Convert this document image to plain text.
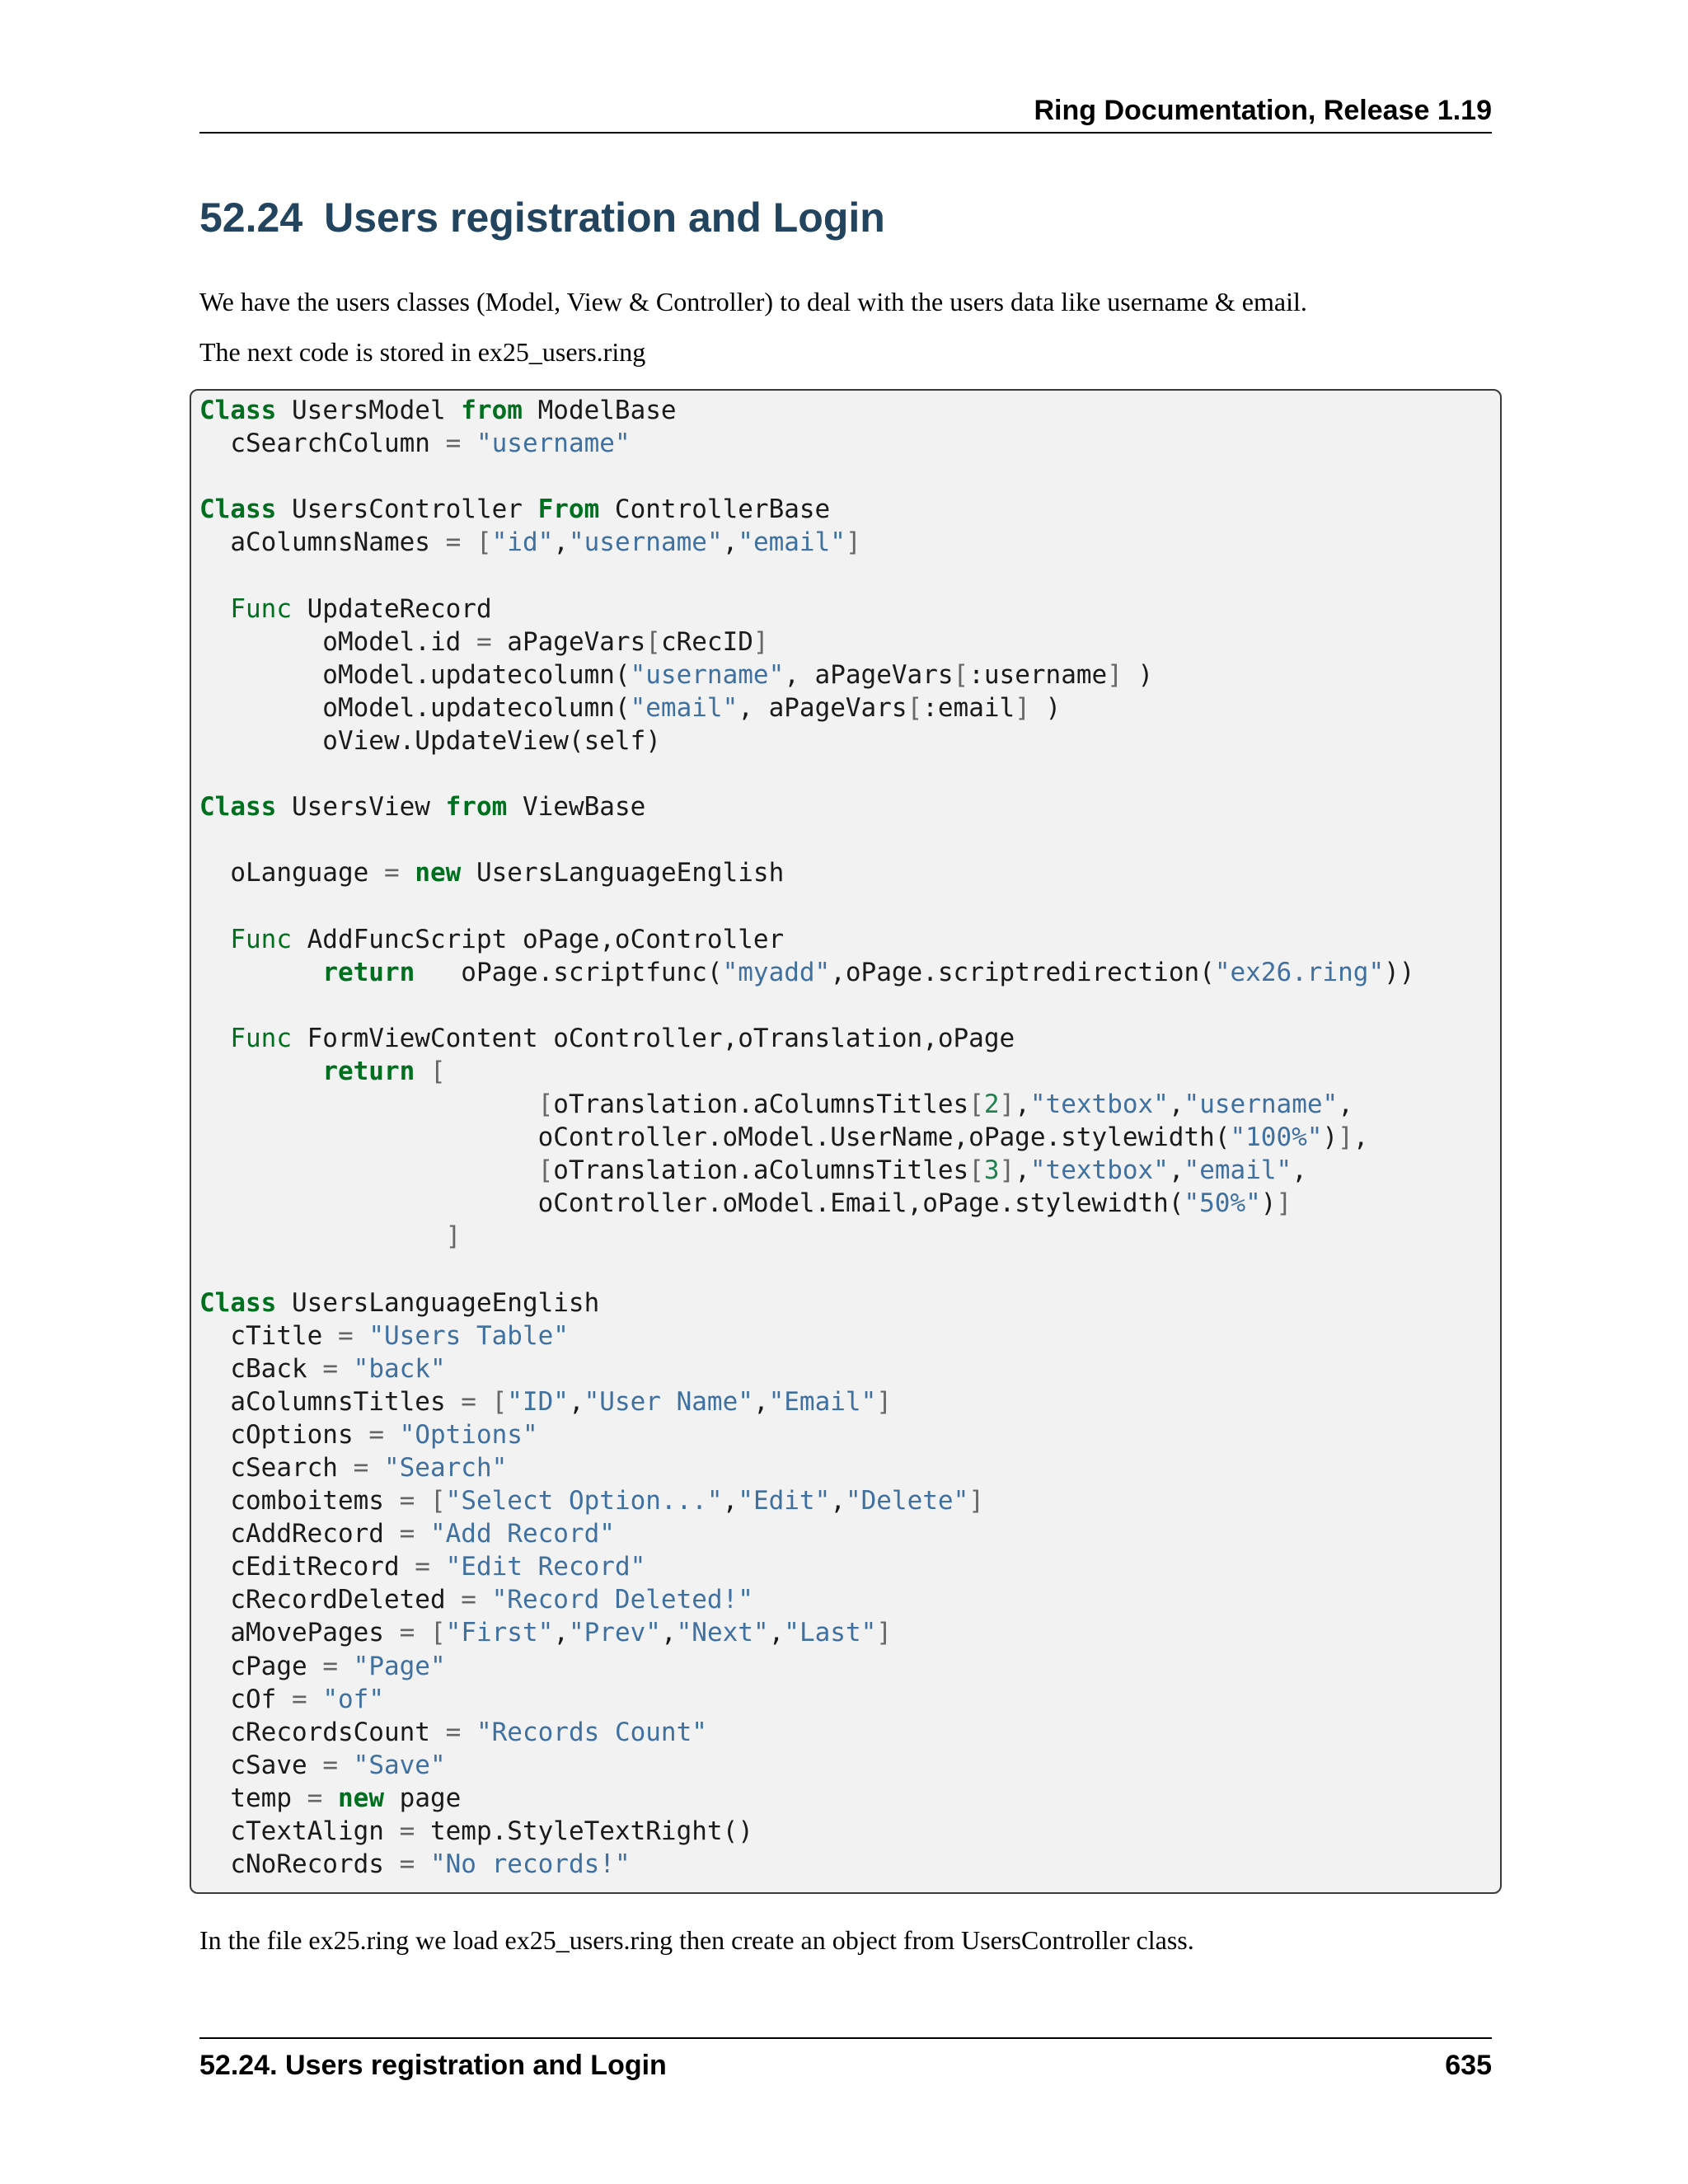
Ring Documentation, Release 1.19
52.24 Users registration and Login

We have the users classes (Model, View & Controller) to deal with the users data like username & email.

The next code is stored in ex25_users.ring

Class UsersModel from ModelBase
cSearchColumn = "username"

Class UsersController From ControllerBase
aColumnsNames = ["id","username","email"]

Func UpdateRecord
oModel.id = aPageVars[cRecID]
oModel.updatecolumn("username", aPageVars[:username] )
oModel.updatecolumn("email", aPageVars[:email] )
oView.UpdateView(self)

Class UsersView from ViewBase

oLanguage = new UsersLanguageEnglish

Func AddFuncScript oPage,oController
return   oPage.scriptfunc("myadd",oPage.scriptredirection("ex26.ring"))

Func FormViewContent oController,oTranslation,oPage
return [
[oTranslation.aColumnsTitles[2],"textbox","username",
oController.oModel.UserName,oPage.stylewidth("100%")],
[oTranslation.aColumnsTitles[3],"textbox","email",
oController.oModel.Email,oPage.stylewidth("50%")]
]

Class UsersLanguageEnglish
cTitle = "Users Table"
cBack = "back"
aColumnsTitles = ["ID","User Name","Email"]
cOptions = "Options"
cSearch = "Search"
comboitems = ["Select Option...","Edit","Delete"]
cAddRecord = "Add Record"
cEditRecord = "Edit Record"
cRecordDeleted = "Record Deleted!"
aMovePages = ["First","Prev","Next","Last"]
cPage = "Page"
cOf = "of"
cRecordsCount = "Records Count"
cSave = "Save"
temp = new page
cTextAlign = temp.StyleTextRight()
cNoRecords = "No records!"

In the file ex25.ring we load ex25_users.ring then create an object from UsersController class.

52.24. Users registration and Login	635
